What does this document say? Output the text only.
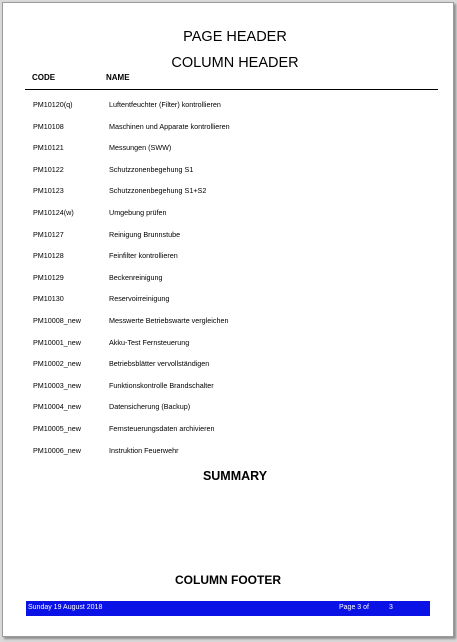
PAGE HEADER
COLUMN HEADER
CODE	NAME
PM10120(q)	Luftentfeuchter (Filter) kontrollieren
PM10108	Maschinen und Apparate kontrollieren
PM10121	Messungen (SWW)
PM10122	Schutzzonenbegehung S1
PM10123	Schutzzonenbegehung S1+S2
PM10124(w)	Umgebung prüfen
PM10127	Reinigung Brunnstube
PM10128	Feinfilter kontrollieren
PM10129	Beckenreinigung
PM10130	Reservoirreinigung
PM10008_new	Messwerte Betriebswarte vergleichen
PM10001_new	Akku-Test Fernsteuerung
PM10002_new	Betriebsblätter vervollständigen
PM10003_new	Funktionskontrolle Brandschalter
PM10004_new	Datensicherung (Backup)
PM10005_new	Fernsteuerungsdaten archivieren
PM10006_new	Instruktion Feuerwehr
SUMMARY
COLUMN FOOTER
Sunday 19 August 2018	Page 3 of	3
